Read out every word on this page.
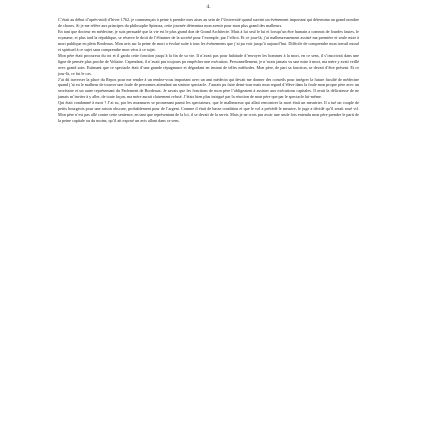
4.

C’était au début d’après-midi d’hiver 1762, je commençais à peine à prendre mes aises au sein de l’Université quand survint un événement important qui détermina un grand nombre de choses. Si je me réfère aux principes du philosophe Spinoza, cette journée détermina mon avenir pour mon plus grand des malheurs.

En tant que docteur en médecine, je suis persuadé que la vie est le plus grand don de Grand Architecte. Mais à lui seul le lui et lorsqu’un être humain a commis de lourdes fautes, le royaume, et plus tard la république, se réserve le droit de l’éliminer de la société pour l’exemple, par l’effroi. Et ce jour-là, j’ai malheureusement assisté ma première et seule mise à mort publique en plein Bordeaux. Mon avis sur la peine de mort a évolué suite à tous les événements que j’ai pu voir jusqu’à aujourd’hui. Difficile de comprendre mon travail moral et spirituel à ce sujet sans comprendre mon vécu à ce sujet.

Mon père était procureur du roi et il garda cette fonction jusqu’à la fin de sa vie. Il n’avait pas pour habitude d’envoyer les hommes à la mort, en ce sens, il s’inscrivait dans une ligne de pensée plus proche de Voltaire. Cependant, il n’avait pas toujours pu empêcher une exécution. Personnellement, je n’avais jamais vu une mise à mort, ma mère y avait veillé avec grand soin. Estimant que ce spectacle était d’une grande répugnance et dégradant en instant de telles méthodes. Mon père, de part sa fonction, se devait d’être présent. Et ce jour-là, ce fut le cas.

J’ai dû traverser la place du Repos pour me rendre à un rendez-vous important avec un ami médecin qui devait me donner des conseils pour intégrer la future faculté de médecine quand j’ai eu le malheur de trouver une foule de personnes attendant un sinistre spectacle. J’aurais pu faire demi-tour mais mon regard d’élève dans la foule mon propre père avec un secrétaire et un autre représentant du Parlement de Bordeaux. Je savais que les fonctions de mon père l’obligeaient à assister aux exécutions capitales. Il avait la délicatesse de ne jamais m’inviter à y aller, de toute façon, ma mère aurait clairement refusé. J’étais bien plus intrigué par la réaction de mon père que par le spectacle lui-même.

Qui était condamné à mort ? J’ai su, par les murmures se promenant parmi les spectateurs, que le malheureux qui allait rencontrer la mort était un meurtrier. Il a tué un couple de petits bourgeois pour une raison obscure, probablement pour de l’argent. Comme il était de basse condition et que le vol a précédé le meurtre, le juge a décidé qu’il serait roué vif. Mon père n’est pas allé contre cette sentence, en tant que représentant de la loi, il se devait de la servir. Mais je ne crois pas avoir une seule fois entendu mon père prendre le parti de la peine capitale ou du moins, qu’il ait exposé un avis allant dans ce sens.
